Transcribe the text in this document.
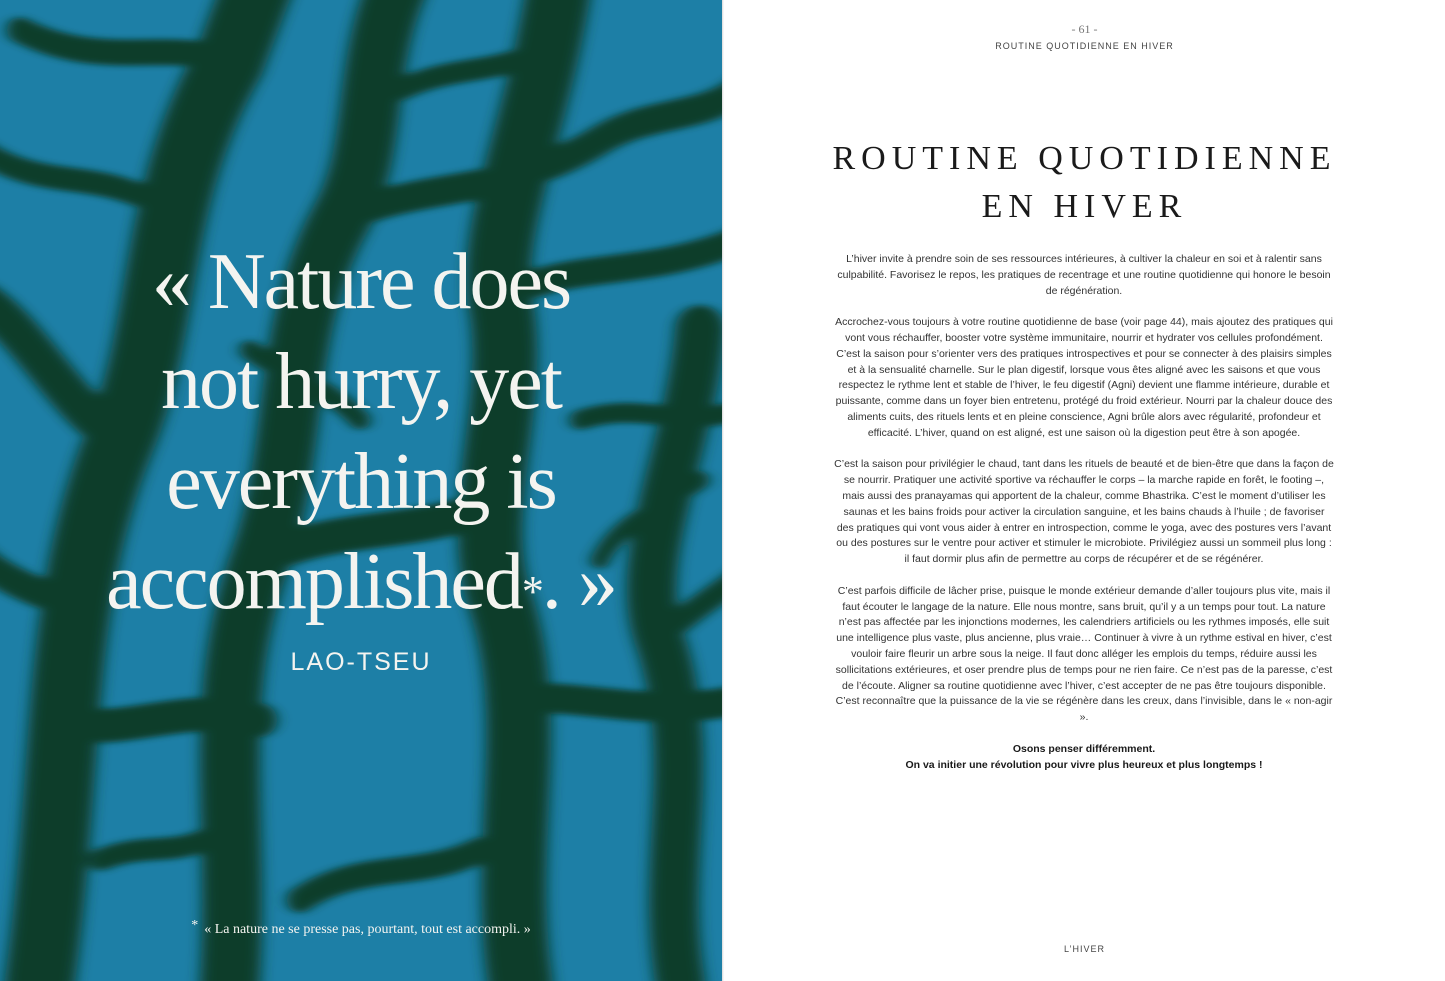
« Nature does
not hurry, yet
everything is
accomplished*. »

LAO-TSEU
* « La nature ne se presse pas, pourtant, tout est accompli. »
- 61 -
ROUTINE QUOTIDIENNE EN HIVER
ROUTINE QUOTIDIENNE
EN HIVER

L’hiver invite à prendre soin de ses ressources intérieures, à cultiver la chaleur en soi et à ralentir sans culpabilité. Favorisez le repos, les pratiques de recentrage et une routine quotidienne qui honore le besoin de régénération.

Accrochez-vous toujours à votre routine quotidienne de base (voir page 44), mais ajoutez des pratiques qui vont vous réchauffer, booster votre système immunitaire, nourrir et hydrater vos cellules profondément. C’est la saison pour s’orienter vers des pratiques introspectives et pour se connecter à des plaisirs simples et à la sensualité charnelle. Sur le plan digestif, lorsque vous êtes aligné avec les saisons et que vous respectez le rythme lent et stable de l’hiver, le feu digestif (Agni) devient une flamme intérieure, durable et puissante, comme dans un foyer bien entretenu, protégé du froid extérieur. Nourri par la chaleur douce des aliments cuits, des rituels lents et en pleine conscience, Agni brûle alors avec régularité, profondeur et efficacité. L’hiver, quand on est aligné, est une saison où la digestion peut être à son apogée.

C’est la saison pour privilégier le chaud, tant dans les rituels de beauté et de bien-être que dans la façon de se nourrir. Pratiquer une activité sportive va réchauffer le corps – la marche rapide en forêt, le footing –, mais aussi des pranayamas qui apportent de la chaleur, comme Bhastrika. C’est le moment d’utiliser les saunas et les bains froids pour activer la circulation sanguine, et les bains chauds à l’huile ; de favoriser des pratiques qui vont vous aider à entrer en introspection, comme le yoga, avec des postures vers l’avant ou des postures sur le ventre pour activer et stimuler le microbiote. Privilégiez aussi un sommeil plus long : il faut dormir plus afin de permettre au corps de récupérer et de se régénérer.

C’est parfois difficile de lâcher prise, puisque le monde extérieur demande d’aller toujours plus vite, mais il faut écouter le langage de la nature. Elle nous montre, sans bruit, qu’il y a un temps pour tout. La nature n’est pas affectée par les injonctions modernes, les calendriers artificiels ou les rythmes imposés, elle suit une intelligence plus vaste, plus ancienne, plus vraie… Continuer à vivre à un rythme estival en hiver, c’est vouloir faire fleurir un arbre sous la neige. Il faut donc alléger les emplois du temps, réduire aussi les sollicitations extérieures, et oser prendre plus de temps pour ne rien faire. Ce n’est pas de la paresse, c’est de l’écoute. Aligner sa routine quotidienne avec l’hiver, c’est accepter de ne pas être toujours disponible. C’est reconnaître que la puissance de la vie se régénère dans les creux, dans l’invisible, dans le « non-agir ».

Osons penser différemment.
On va initier une révolution pour vivre plus heureux et plus longtemps !

L’HIVER
